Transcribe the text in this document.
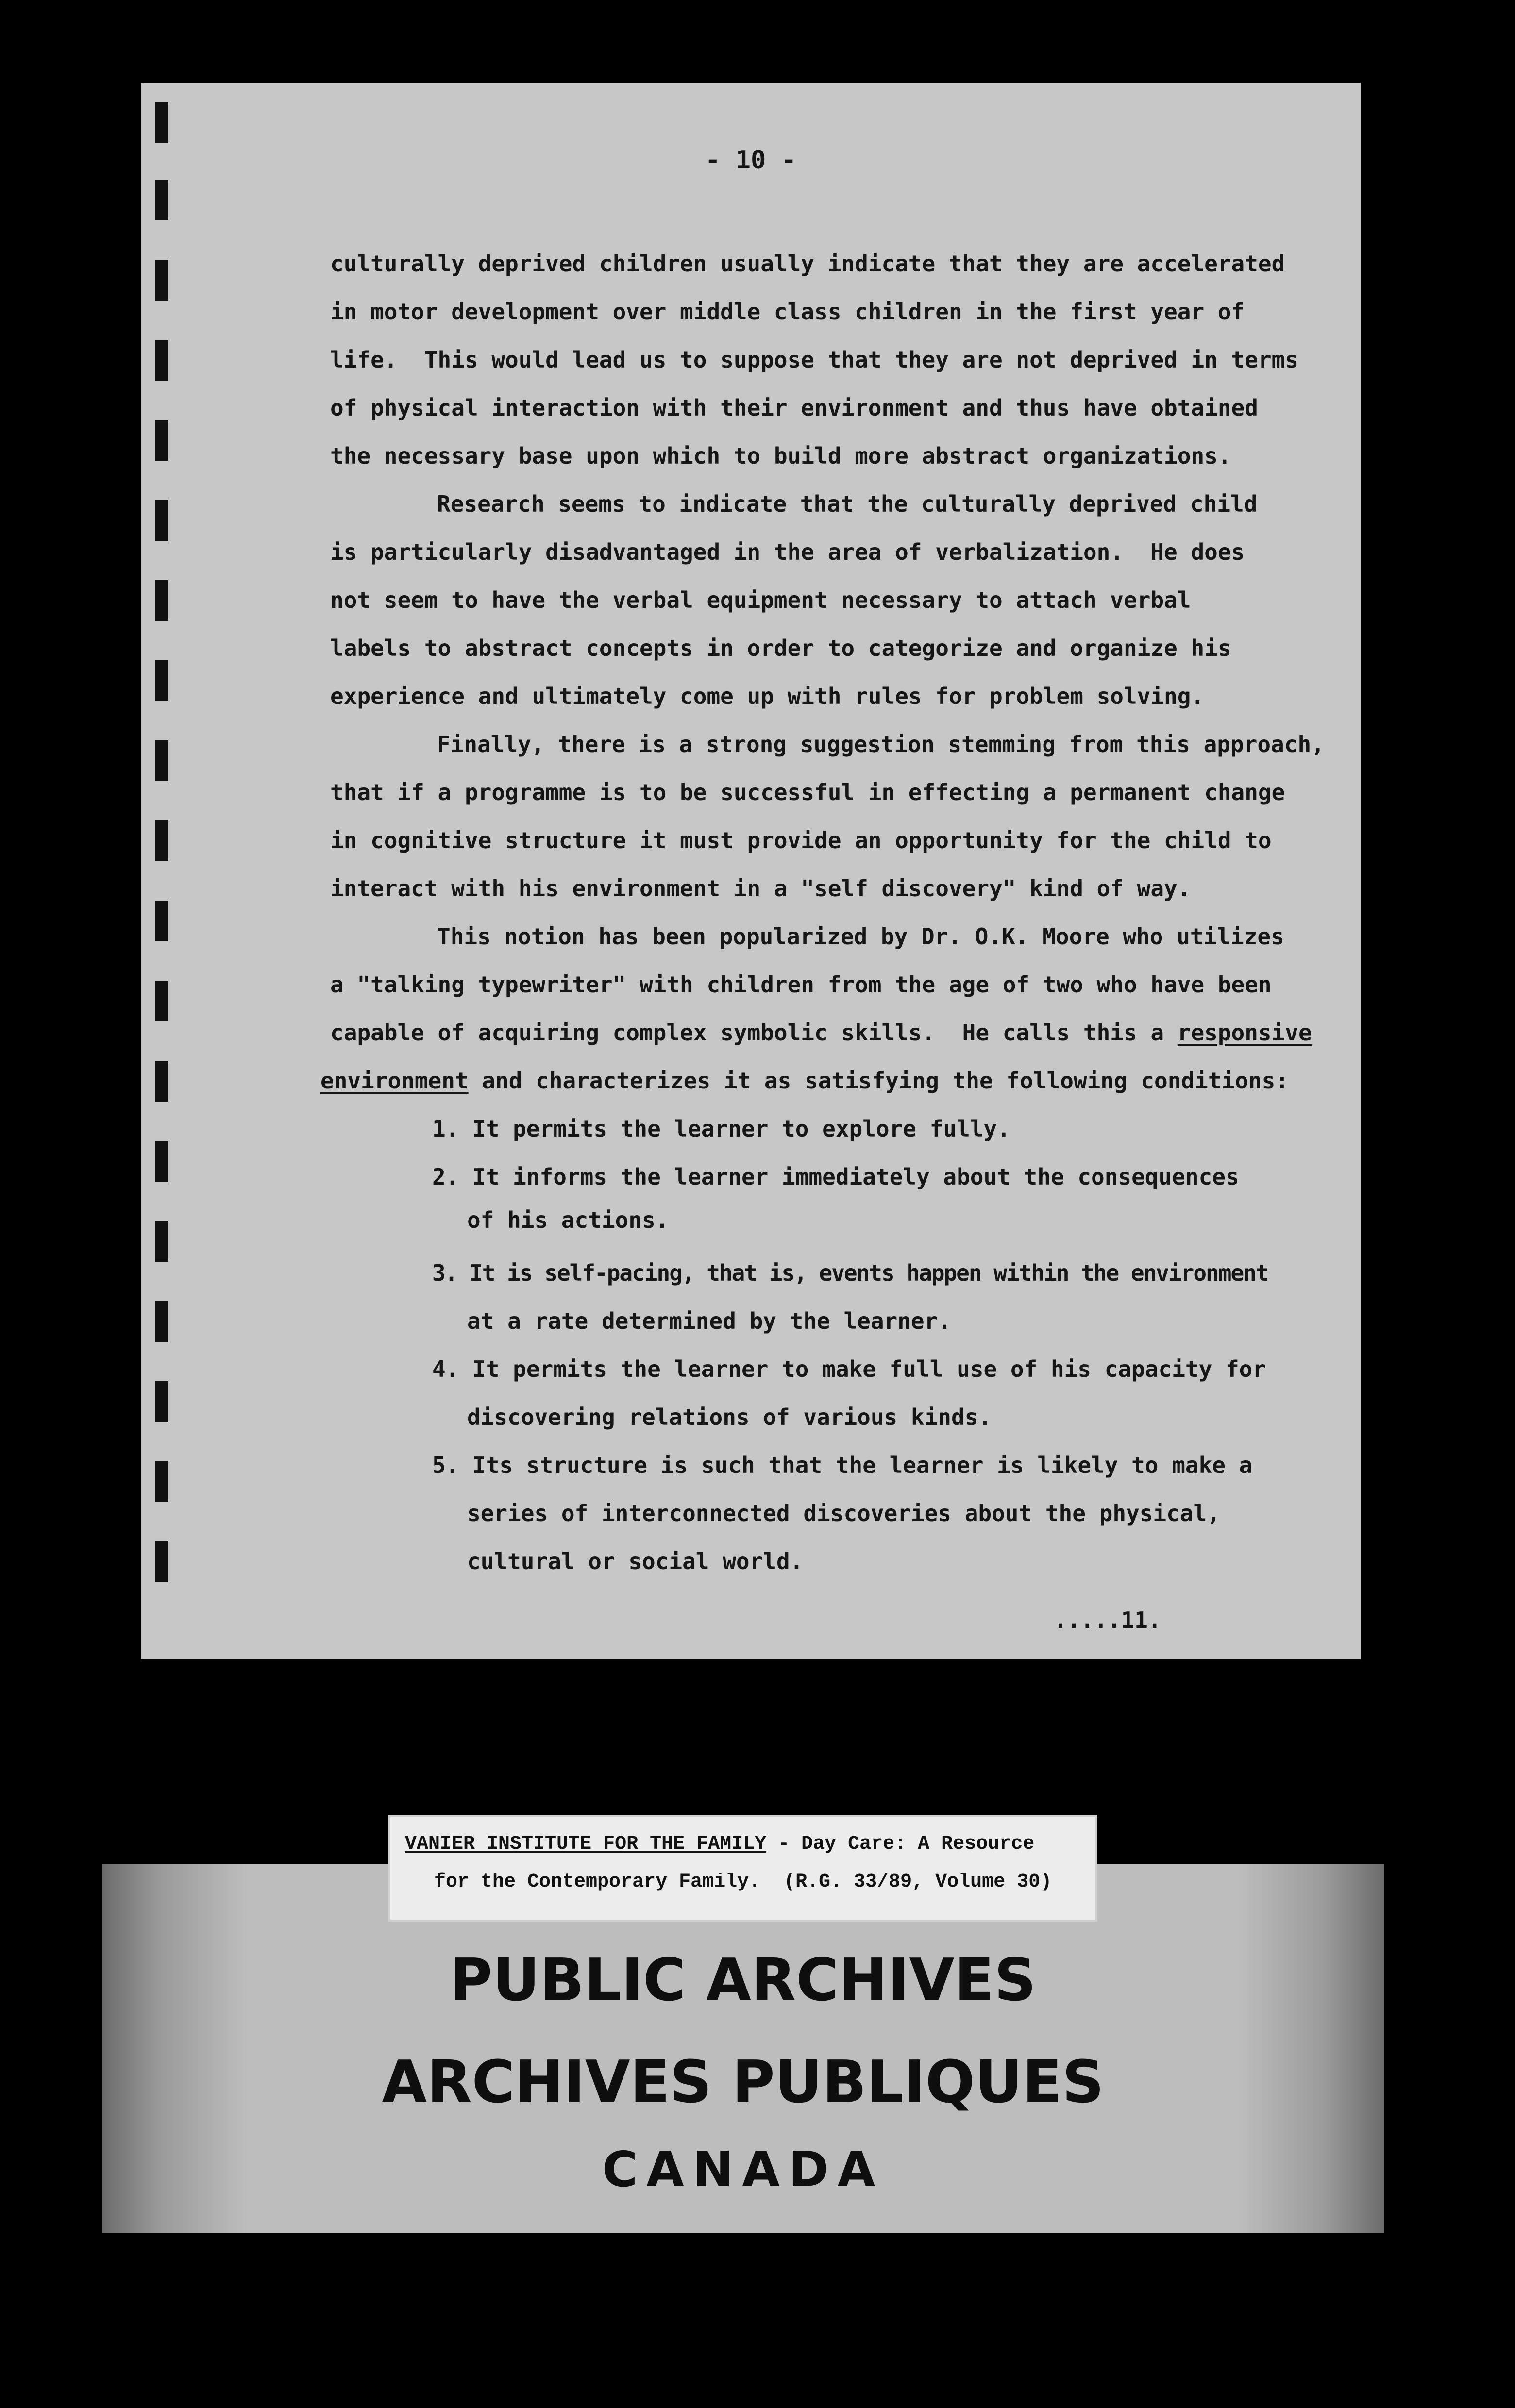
- 10 -

culturally deprived children usually indicate that they are accelerated

in motor development over middle class children in the first year of

life.  This would lead us to suppose that they are not deprived in terms

of physical interaction with their environment and thus have obtained

the necessary base upon which to build more abstract organizations.

Research seems to indicate that the culturally deprived child

is particularly disadvantaged in the area of verbalization.  He does

not seem to have the verbal equipment necessary to attach verbal

labels to abstract concepts in order to categorize and organize his

experience and ultimately come up with rules for problem solving.

Finally, there is a strong suggestion stemming from this approach,

that if a programme is to be successful in effecting a permanent change

in cognitive structure it must provide an opportunity for the child to

interact with his environment in a "self discovery" kind of way.

This notion has been popularized by Dr. O.K. Moore who utilizes

a "talking typewriter" with children from the age of two who have been

capable of acquiring complex symbolic skills.  He calls this a responsive

environment and characterizes it as satisfying the following conditions:

1. It permits the learner to explore fully.

2. It informs the learner immediately about the consequences

of his actions.

3. It is self-pacing, that is, events happen within the environment

at a rate determined by the learner.

4. It permits the learner to make full use of his capacity for

discovering relations of various kinds.

5. Its structure is such that the learner is likely to make a

series of interconnected discoveries about the physical,

cultural or social world.

.....11.

PUBLIC ARCHIVES

ARCHIVES PUBLIQUES

CANADA

VANIER INSTITUTE FOR THE FAMILY - Day Care: A Resource

for the Contemporary Family.  (R.G. 33/89, Volume 30)
